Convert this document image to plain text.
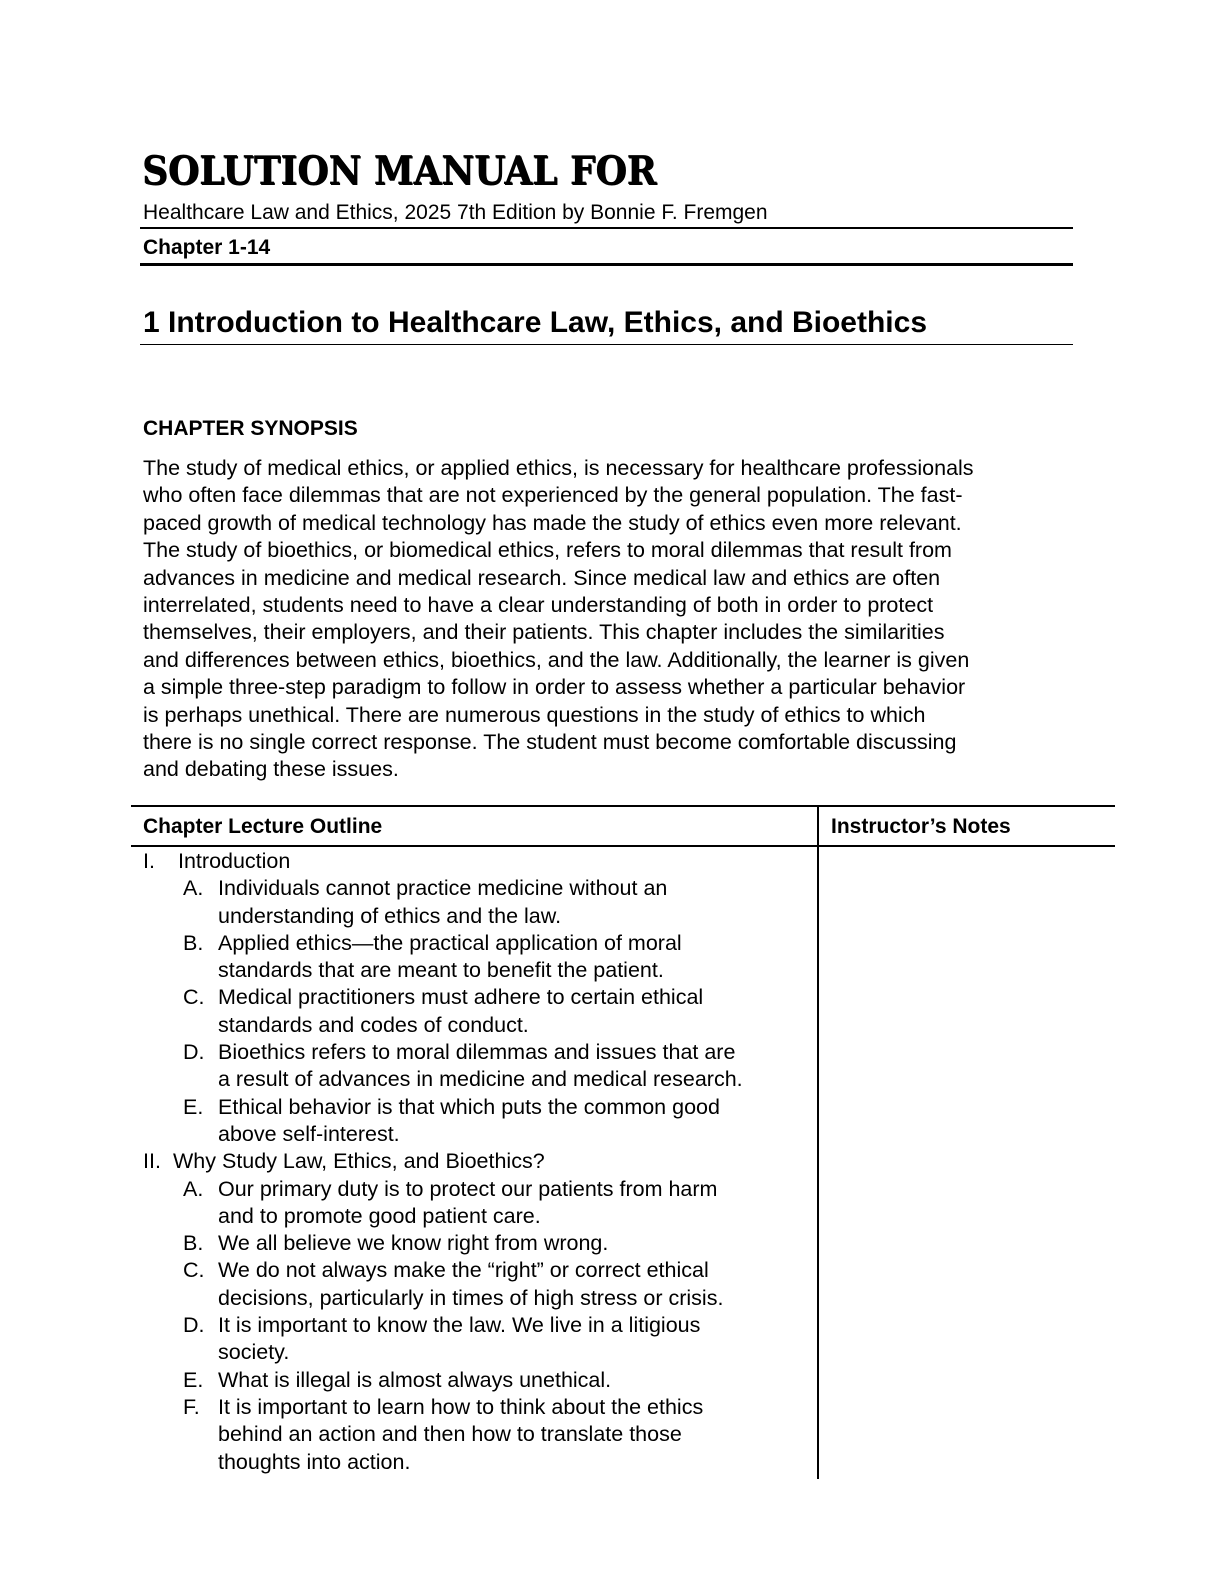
SOLUTION MANUAL FOR
Healthcare Law and Ethics, 2025 7th Edition by Bonnie F. Fremgen
Chapter 1-14
1 Introduction to Healthcare Law, Ethics, and Bioethics
CHAPTER SYNOPSIS
The study of medical ethics, or applied ethics, is necessary for healthcare professionals
who often face dilemmas that are not experienced by the general population. The fast-
paced growth of medical technology has made the study of ethics even more relevant.
The study of bioethics, or biomedical ethics, refers to moral dilemmas that result from
advances in medicine and medical research. Since medical law and ethics are often
interrelated, students need to have a clear understanding of both in order to protect
themselves, their employers, and their patients. This chapter includes the similarities
and differences between ethics, bioethics, and the law. Additionally, the learner is given
a simple three-step paradigm to follow in order to assess whether a particular behavior
is perhaps unethical. There are numerous questions in the study of ethics to which
there is no single correct response. The student must become comfortable discussing
and debating these issues.
Chapter Lecture Outline	Instructor’s Notes
I. Introduction
A. Individuals cannot practice medicine without an
understanding of ethics and the law.
B. Applied ethics—the practical application of moral
standards that are meant to benefit the patient.
C. Medical practitioners must adhere to certain ethical
standards and codes of conduct.
D. Bioethics refers to moral dilemmas and issues that are
a result of advances in medicine and medical research.
E. Ethical behavior is that which puts the common good
above self-interest.
II. Why Study Law, Ethics, and Bioethics?
A. Our primary duty is to protect our patients from harm
and to promote good patient care.
B. We all believe we know right from wrong.
C. We do not always make the “right” or correct ethical
decisions, particularly in times of high stress or crisis.
D. It is important to know the law. We live in a litigious
society.
E. What is illegal is almost always unethical.
F. It is important to learn how to think about the ethics
behind an action and then how to translate those
thoughts into action.
